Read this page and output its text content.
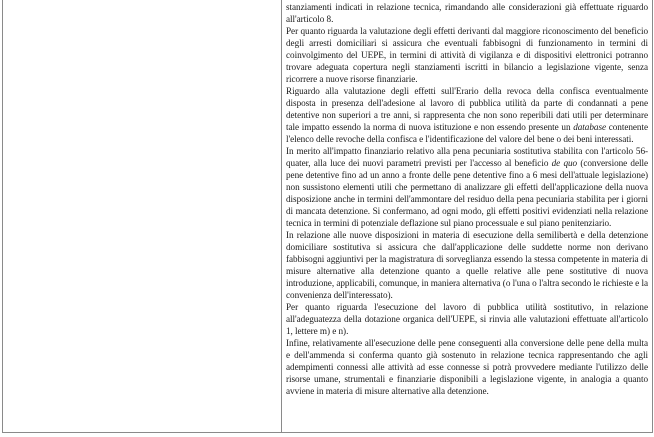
stanziamenti indicati in relazione tecnica, rimandando alle considerazioni già effettuate riguardo all'articolo 8.

Per quanto riguarda la valutazione degli effetti derivanti dal maggiore riconoscimento del beneficio degli arresti domiciliari si assicura che eventuali fabbisogni di funzionamento in termini di coinvolgimento del UEPE, in termini di attività di vigilanza e di dispositivi elettronici potranno trovare adeguata copertura negli stanziamenti iscritti in bilancio a legislazione vigente, senza ricorrere a nuove risorse finanziarie.

Riguardo alla valutazione degli effetti sull'Erario della revoca della confisca eventualmente disposta in presenza dell'adesione al lavoro di pubblica utilità da parte di condannati a pene detentive non superiori a tre anni, si rappresenta che non sono reperibili dati utili per determinare tale impatto essendo la norma di nuova istituzione e non essendo presente un database contenente l'elenco delle revoche della confisca e l'identificazione del valore del bene o dei beni interessati.

In merito all'impatto finanziario relativo alla pena pecuniaria sostitutiva stabilita con l'articolo 56-quater, alla luce dei nuovi parametri previsti per l'accesso al beneficio de quo (conversione delle pene detentive fino ad un anno a fronte delle pene detentive fino a 6 mesi dell'attuale legislazione) non sussistono elementi utili che permettano di analizzare gli effetti dell'applicazione della nuova disposizione anche in termini dell'ammontare del residuo della pena pecuniaria stabilita per i giorni di mancata detenzione. Si confermano, ad ogni modo, gli effetti positivi evidenziati nella relazione tecnica in termini di potenziale deflazione sul piano processuale e sul piano penitenziario.

In relazione alle nuove disposizioni in materia di esecuzione della semilibertà e della detenzione domiciliare sostitutiva si assicura che dall'applicazione delle suddette norme non derivano fabbisogni aggiuntivi per la magistratura di sorveglianza essendo la stessa competente in materia di misure alternative alla detenzione quanto a quelle relative alle pene sostitutive di nuova introduzione, applicabili, comunque, in maniera alternativa (o l'una o l'altra secondo le richieste e la convenienza dell'interessato).

Per quanto riguarda l'esecuzione del lavoro di pubblica utilità sostitutivo, in relazione all'adeguatezza della dotazione organica dell'UEPE, si rinvia alle valutazioni effettuate all'articolo 1, lettere m) e n).

Infine, relativamente all'esecuzione delle pene conseguenti alla conversione delle pene della multa e dell'ammenda si conferma quanto già sostenuto in relazione tecnica rappresentando che agli adempimenti connessi alle attività ad esse connesse si potrà provvedere mediante l'utilizzo delle risorse umane, strumentali e finanziarie disponibili a legislazione vigente, in analogia a quanto avviene in materia di misure alternative alla detenzione.
